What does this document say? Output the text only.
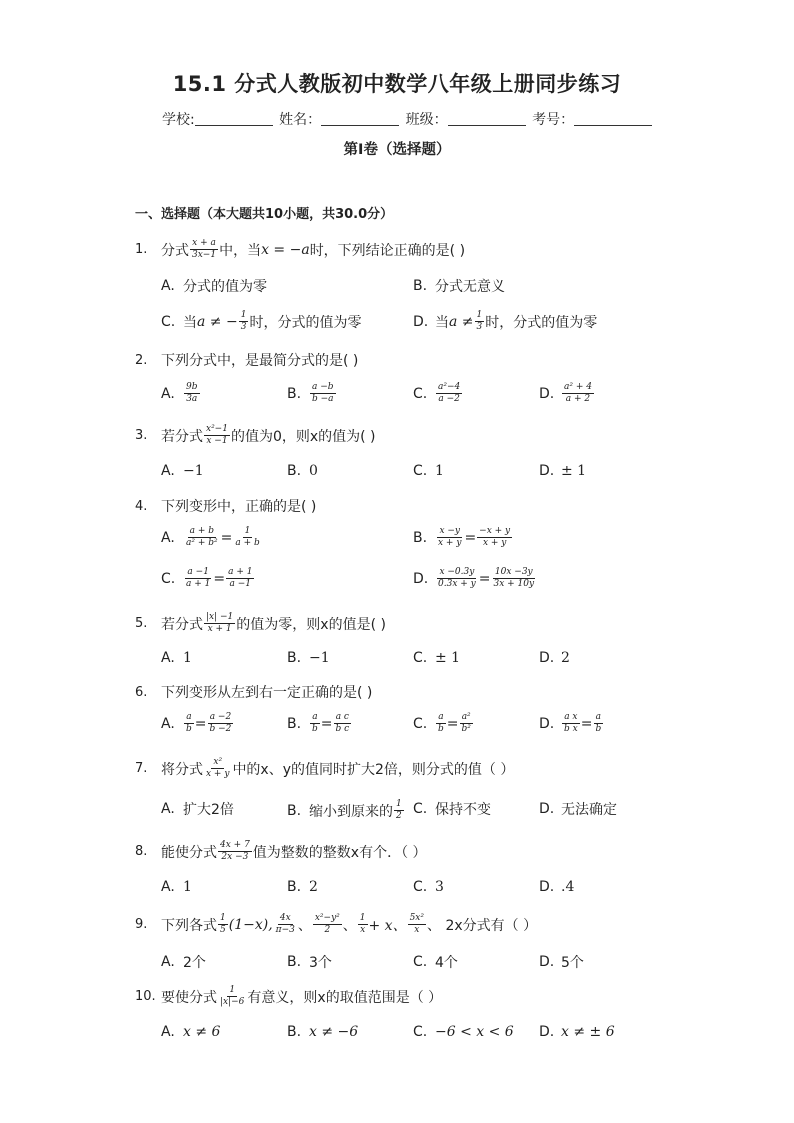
15.1 分式人教版初中数学八年级上册同步练习
学校:	姓名：	班级：	考号：
第I卷（选择题）
一、选择题（本大题共10小题，共30.0分）
1. 分式 $\frac{x + a}{3x-1}$ 中，当 x = −a 时，下列结论正确的是( )
A. 分式的值为零	B. 分式无意义
C. 当 a ≠ − $\frac{1}{3}$ 时，分式的值为零	D. 当 $a \ne \frac{1}{3}$ 时，分式的值为零
2. 下列分式中，是最简分式的是( )
A.	$\frac{9b}{3a}$	B. $\frac{a -b}{b -a}$	C. $\frac{\text{a²−4}}{a -2}$	D. $\frac{\text{a² + 4}}{a + 2}$
3. 若分式 $\frac{\text{x²−1}}{x -1}$ 的值为0，则x的值为( )
A. −1	B. 0	C. 1	D. ± 1
4. 下列变形中，正确的是( )
A.	$\frac{a + b}{\text{a² + b²}} = \frac{1}{a + b}$	B. $\frac{x -y}{x + y} = \frac{-x + y}{x + y}$
C. $\frac{a -1}{a + 1} = \frac{a + 1}{a -1}$	D. $\frac{x -0.3y}{0.3x + y} = \frac{10x -3y}{3x + 10y}$
5. 若分式 $\frac{|x| -1}{x + 1}$ 的值为零，则x的值是( )
A. 1	B. −1	C. ± 1	D. 2
6. 下列变形从左到右一定正确的是( )
A.	$\frac{a}{b} = \frac{a -2}{b -2}$	B. $\frac{a}{b} = \frac{\text{a c}}{\text{b c}}$	C. $\frac{a}{b} = \frac{\text{a²}}{\text{b²}}$	D. $\frac{\text{a x}}{\text{b x}} = \frac{a}{b}$
7. 将分式 $\frac{\text{x²}}{x + y}$ 中的x、y的值同时扩大2倍，则分式的值（ ）
A. 扩大2倍	B. 缩小到原来的 $\frac{1}{2} C$. 保持不变	D. 无法确定
8. 能使分式 $\frac{4x + 7}{2x -3}$ 值为整数的整数x有个．（ ）
A. 1	B. 2	C. 3	D. .4
9. 下列各式 $\frac{1}{5} (1-x)$, $\frac{4x}{\pi-3}$ 、 $\frac{\text{x²−y²}}{2}$ 、 $\frac{1}{x} + x$、 $\frac{\text{5x²}}{x}$ 、 2x分式有（ ）
A. 2个	B. 3个	C. 4个	D. 5个
10. 要使分式 $\frac{1}{|x|-6}$ 有意义，则x的取值范围是（ ）
A. x ≠ 6	B. x ≠ −6	C. −6 < x < 6 D. x ≠ ± 6
